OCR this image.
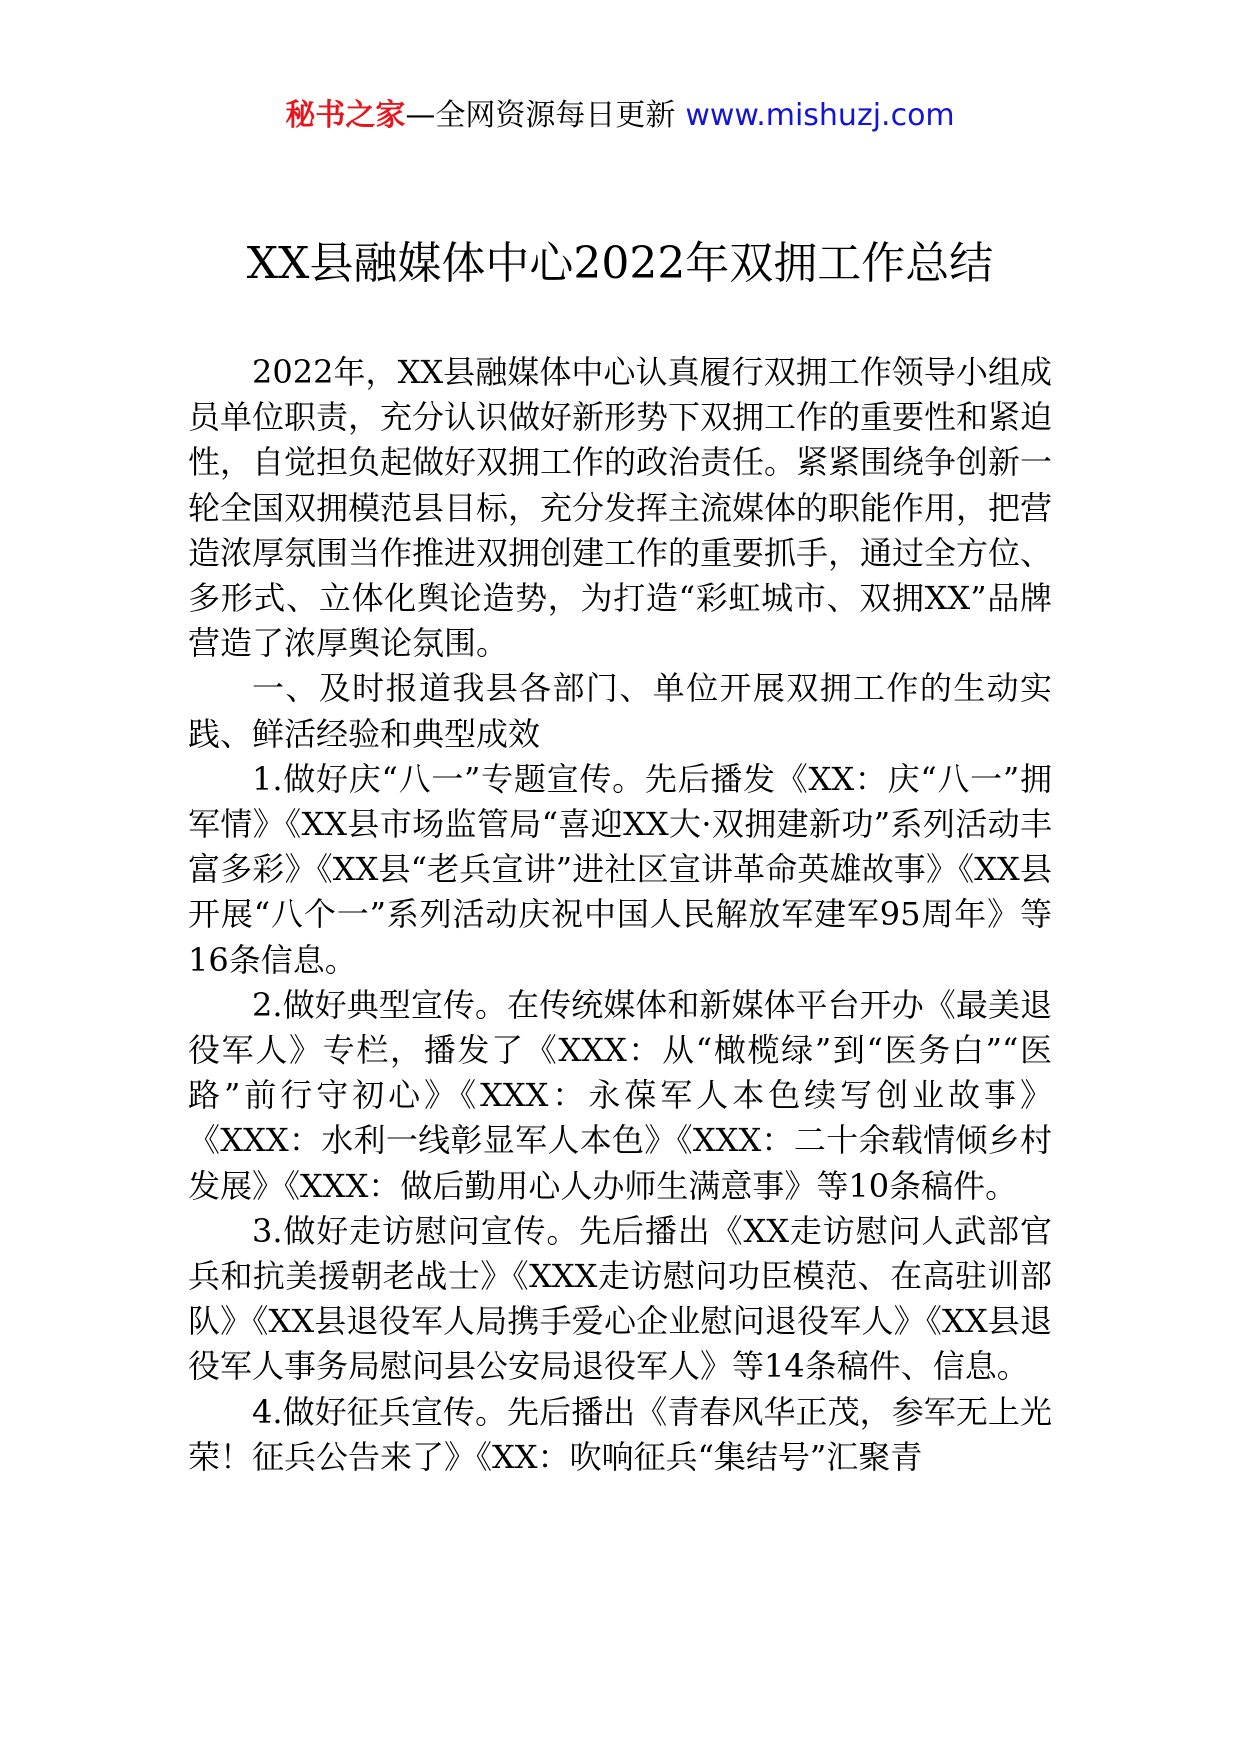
秘书之家—全网资源每日更新 www.mishuzj.com
XX县融媒体中心2022年双拥工作总结

2022年，XX县融媒体中心认真履行双拥工作领导小组成员单位职责，充分认识做好新形势下双拥工作的重要性和紧迫性，自觉担负起做好双拥工作的政治责任。紧紧围绕争创新一轮全国双拥模范县目标，充分发挥主流媒体的职能作用，把营造浓厚氛围当作推进双拥创建工作的重要抓手，通过全方位、多形式、立体化舆论造势，为打造“彩虹城市、双拥XX”品牌营造了浓厚舆论氛围。

一、及时报道我县各部门、单位开展双拥工作的生动实践、鲜活经验和典型成效

1.做好庆“八一”专题宣传。先后播发《XX：庆“八一”拥军情》《XX县市场监管局“喜迎XX大·双拥建新功”系列活动丰富多彩》《XX县“老兵宣讲”进社区宣讲革命英雄故事》《XX县开展“八个一”系列活动庆祝中国人民解放军建军95周年》等16条信息。

2.做好典型宣传。在传统媒体和新媒体平台开办《最美退役军人》专栏，播发了《XXX：从“橄榄绿”到“医务白”“医路”前行守初心》《XXX：永葆军人本色续写创业故事》《XXX：水利一线彰显军人本色》《XXX：二十余载情倾乡村发展》《XXX：做后勤用心人办师生满意事》等10条稿件。

3.做好走访慰问宣传。先后播出《XX走访慰问人武部官兵和抗美援朝老战士》《XXX走访慰问功臣模范、在高驻训部队》《XX县退役军人局携手爱心企业慰问退役军人》《XX县退役军人事务局慰问县公安局退役军人》等14条稿件、信息。

4.做好征兵宣传。先后播出《青春风华正茂，参军无上光荣！征兵公告来了》《XX：吹响征兵“集结号”汇聚青
